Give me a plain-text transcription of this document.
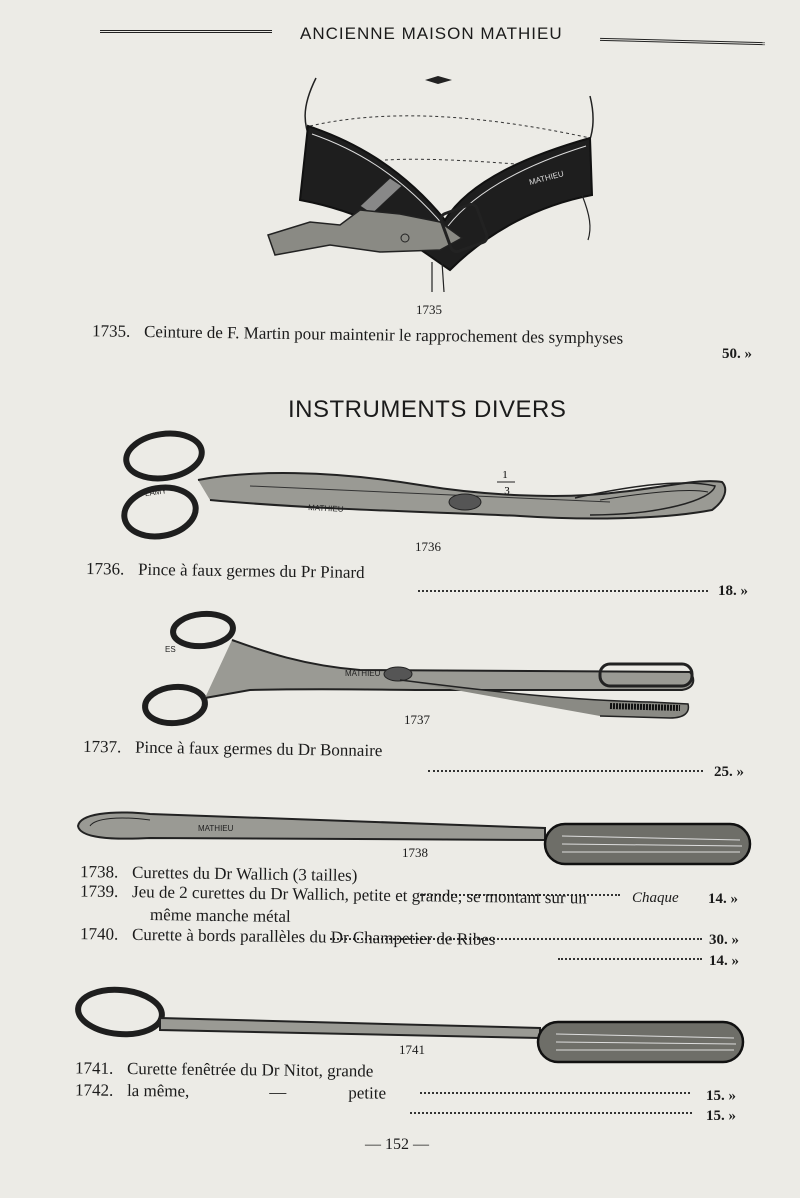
ANCIENNE MAISON MATHIEU
MATHIEU
PLAMY
MATHIEU
1
3
ES
MATHIEU
MATHIEU
1735
1736
1737
1738
1741
1735. Ceinture de F. Martin pour maintenir le rapprochement des symphyses
50. »
INSTRUMENTS DIVERS
1736. Pince à faux germes du Pr Pinard
18. »
1737. Pince à faux germes du Dr Bonnaire
25. »
1738. Curettes du Dr Wallich (3 tailles)
Chaque 14. »
1739. Jeu de 2 curettes du Dr Wallich, petite et grande, se montant sur un
même manche métal
30. »
1740. Curette à bords parallèles du Dr Champetier de Ribes
14. »
1741. Curette fenêtrée du Dr Nitot, grande
15. »
1742. la même,	—	petite
15. »
— 152 —
